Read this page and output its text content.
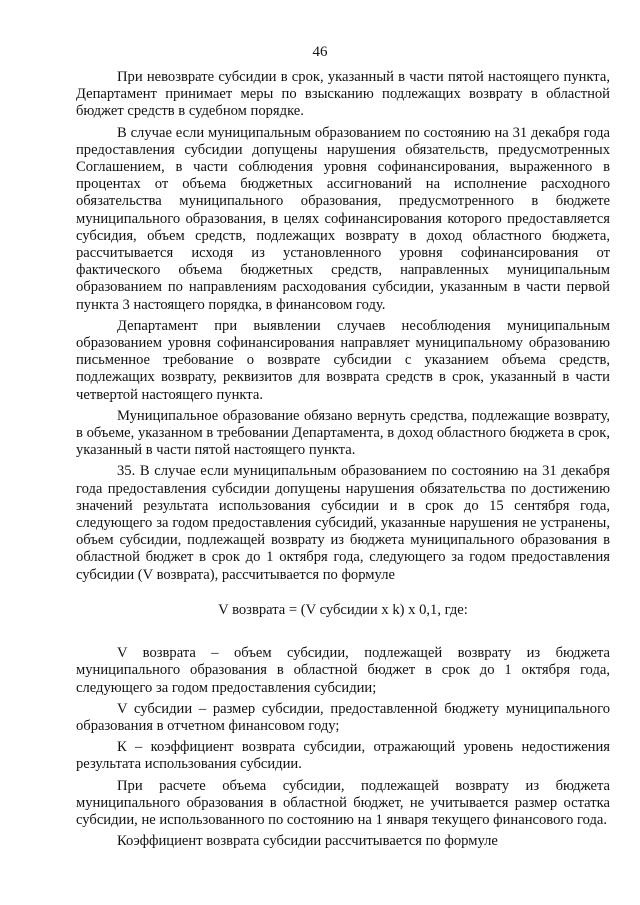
46

При невозврате субсидии в срок, указанный в части пятой настоящего пункта, Департамент принимает меры по взысканию подлежащих возврату в областной бюджет средств в судебном порядке.

В случае если муниципальным образованием по состоянию на 31 декабря года предоставления субсидии допущены нарушения обязательств, предусмотренных Соглашением, в части соблюдения уровня софинансирования, выраженного в процентах от объема бюджетных ассигнований на исполнение расходного обязательства муниципального образования, предусмотренного в бюджете муниципального образования, в целях софинансирования которого предоставляется субсидия, объем средств, подлежащих возврату в доход областного бюджета, рассчитывается исходя из установленного уровня софинансирования от фактического объема бюджетных средств, направленных муниципальным образованием по направлениям расходования субсидии, указанным в части первой пункта 3 настоящего порядка, в финансовом году.

Департамент при выявлении случаев несоблюдения муниципальным образованием уровня софинансирования направляет муниципальному образованию письменное требование о возврате субсидии с указанием объема средств, подлежащих возврату, реквизитов для возврата средств в срок, указанный в части четвертой настоящего пункта.

Муниципальное образование обязано вернуть средства, подлежащие возврату, в объеме, указанном в требовании Департамента, в доход областного бюджета в срок, указанный в части пятой настоящего пункта.

35. В случае если муниципальным образованием по состоянию на 31 декабря года предоставления субсидии допущены нарушения обязательства по достижению значений результата использования субсидии и в срок до 15 сентября года, следующего за годом предоставления субсидий, указанные нарушения не устранены, объем субсидии, подлежащей возврату из бюджета муниципального образования в областной бюджет в срок до 1 октября года, следующего за годом предоставления субсидии (V возврата), рассчитывается по формуле

V возврата = (V субсидии х k) х 0,1, где:

V возврата – объем субсидии, подлежащей возврату из бюджета муниципального образования в областной бюджет в срок до 1 октября года, следующего за годом предоставления субсидии;

V субсидии – размер субсидии, предоставленной бюджету муниципального образования в отчетном финансовом году;

К – коэффициент возврата субсидии, отражающий уровень недостижения результата использования субсидии.

При расчете объема субсидии, подлежащей возврату из бюджета муниципального образования в областной бюджет, не учитывается размер остатка субсидии, не использованного по состоянию на 1 января текущего финансового года.

Коэффициент возврата субсидии рассчитывается по формуле
